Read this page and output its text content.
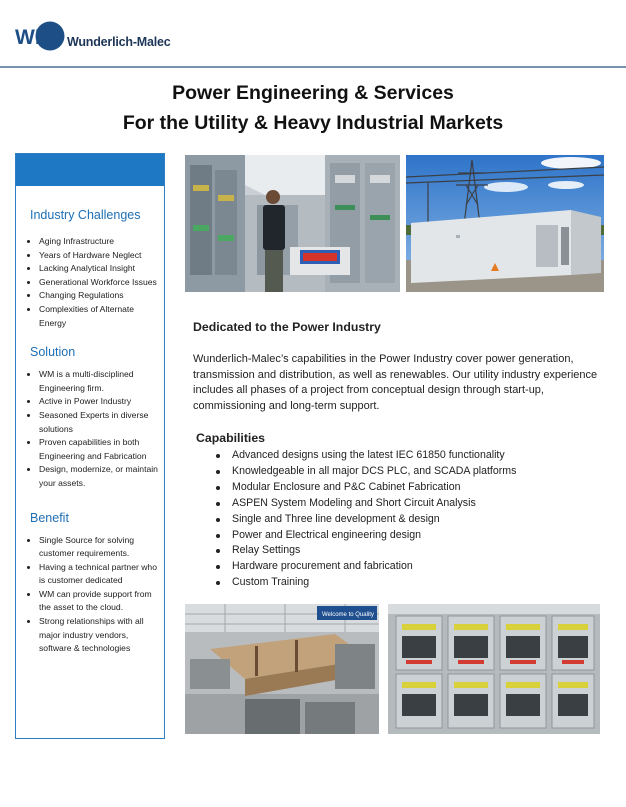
WM Wunderlich-Malec
Power Engineering & Services
For the Utility & Heavy Industrial Markets
Industry Challenges
Aging Infrastructure
Years of Hardware Neglect
Lacking Analytical Insight
Generational Workforce Issues
Changing Regulations
Complexities of Alternate Energy
Solution
WM is a multi-disciplined Engineering firm.
Active in Power Industry
Seasoned Experts in diverse solutions
Proven capabilities in both Engineering and Fabrication
Design, modernize, or maintain your assets.
Benefit
Single Source for solving customer requirements.
Having a technical partner who is customer dedicated
WM can provide support from the asset to the cloud.
Strong relationships with all major industry vendors, software & technologies
Dedicated to the Power Industry

Wunderlich-Malec’s capabilities in the Power Industry cover power generation, transmission and distribution, as well as renewables. Our utility industry experience includes all phases of a project from conceptual design through start-up, commissioning and long-term support.

Capabilities
Advanced designs using the latest IEC 61850 functionality
Knowledgeable in all major DCS PLC, and SCADA platforms
Modular Enclosure and P&C Cabinet Fabrication
ASPEN System Modeling and Short Circuit Analysis
Single and Three line development & design
Power and Electrical engineering design
Relay Settings
Hardware procurement and fabrication
Custom Training
Welcome to Quality
